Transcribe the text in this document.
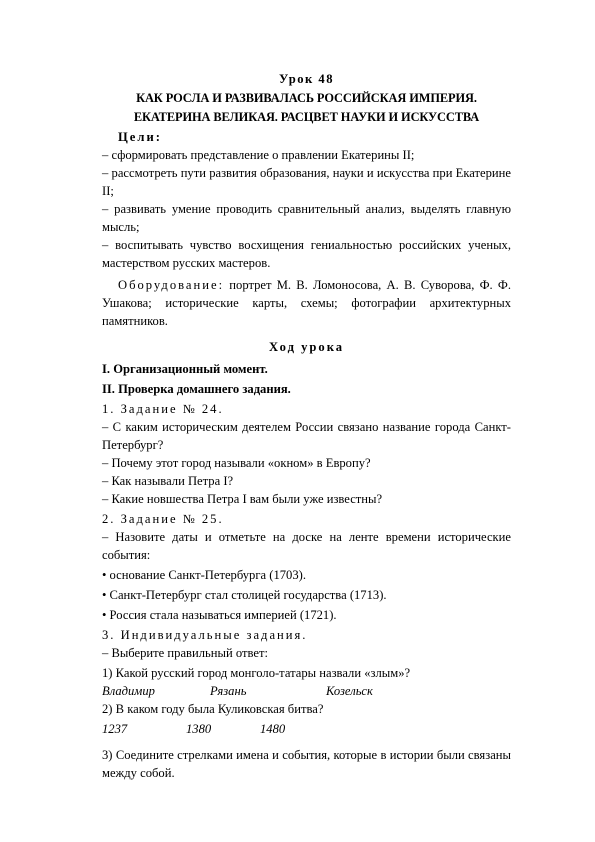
Урок 48
КАК РОСЛА И РАЗВИВАЛАСЬ РОССИЙСКАЯ ИМПЕРИЯ.
ЕКАТЕРИНА ВЕЛИКАЯ. РАСЦВЕТ НАУКИ И ИСКУССТВА
Цели:

– сформировать представление о правлении Екатерины II;

– рассмотреть пути развития образования, науки и искусства при Екатерине II;

– развивать умение проводить сравнительный анализ, выделять главную мысль;

– воспитывать чувство восхищения гениальностью российских ученых, мастерством русских мастеров.

Оборудование: портрет М. В. Ломоносова, А. В. Суворова, Ф. Ф. Ушакова; исторические карты, схемы; фотографии архитектурных памятников.

Ход урока
I. Организационный момент.
II. Проверка домашнего задания.
1. Задание № 24.

– С каким историческим деятелем России связано название города Санкт-Петербург?

– Почему этот город называли «окном» в Европу?

– Как называли Петра I?

– Какие новшества Петра I вам были уже известны?

2. Задание № 25.

– Назовите даты и отметьте на доске на ленте времени исторические события:

• основание Санкт-Петербурга (1703).
• Санкт-Петербург стал столицей государства (1713).
• Россия стала называться империей (1721).
3. Индивидуальные задания.
– Выберите правильный ответ:
1) Какой русский город монголо-татары назвали «злым»?
Владимир	Рязань	Козельск
2) В каком году была Куликовская битва?
1237	1380	1480

3) Соедините стрелками имена и события, которые в истории были связаны между собой.
